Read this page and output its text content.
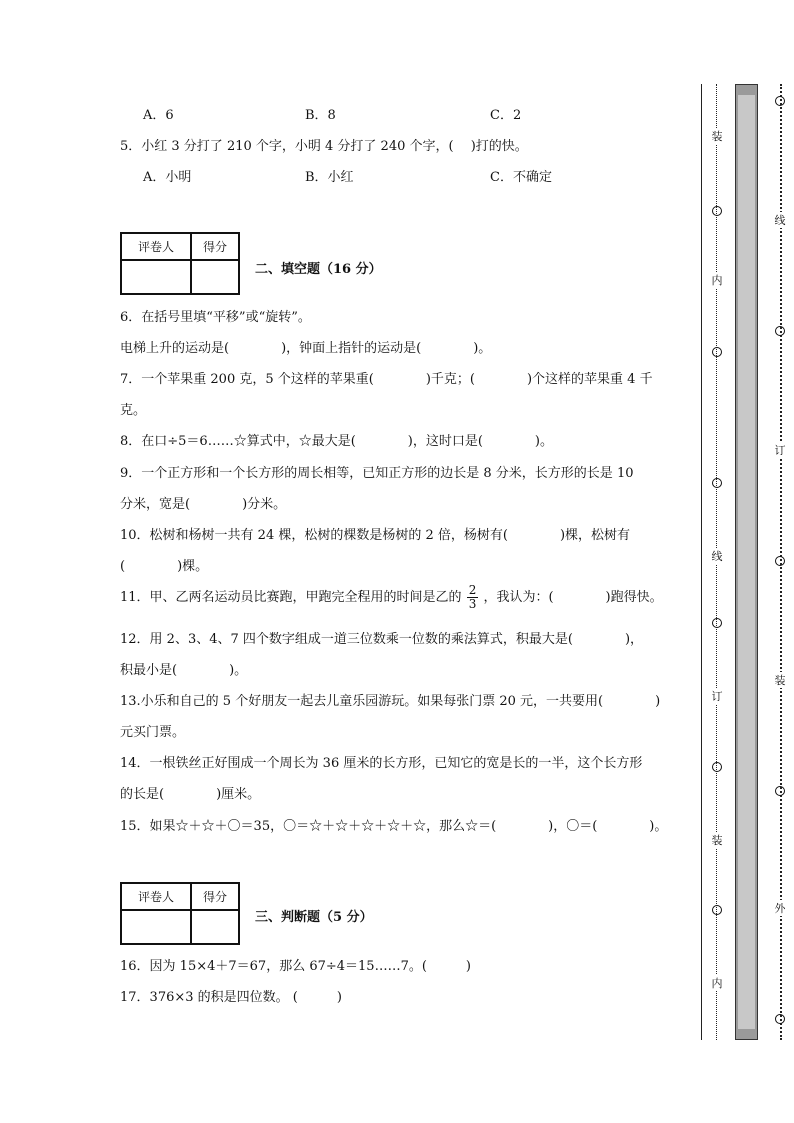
A．6	B．8	C．2
5．小红 3 分打了 210 个字，小明 4 分打了 240 个字，(　 )打的快。
A．小明	B．小红	C．不确定
评卷人	得分

二、填空题（16 分）
6．在括号里填“平移”或“旋转”。
电梯上升的运动是(　　　　)，钟面上指针的运动是(　　　　)。
7．一个苹果重 200 克，5 个这样的苹果重(　　　　)千克；(　　　　)个这样的苹果重 4 千
克。
8．在口÷5＝6……☆算式中，☆最大是(　　　　)，这时口是(　　　　)。
9．一个正方形和一个长方形的周长相等，已知正方形的边长是 8 分米，长方形的长是 10
分米，宽是(　　　　)分米。
10．松树和杨树一共有 24 棵，松树的棵数是杨树的 2 倍，杨树有(　　　　)棵，松树有
(　　　　)棵。
11．甲、乙两名运动员比赛跑，甲跑完全程用的时间是乙的 $\frac{2}{3}$ ，我认为：(　　　　)跑得快。
12．用 2、3、4、7 四个数字组成一道三位数乘一位数的乘法算式，积最大是(　　　　)，
积最小是(　　　　)。
13.小乐和自己的 5 个好朋友一起去儿童乐园游玩。如果每张门票 20 元，一共要用(　　　　)
元买门票。
14．一根铁丝正好围成一个周长为 36 厘米的长方形，已知它的宽是长的一半，这个长方形
的长是(　　　　)厘米。
15．如果☆＋☆＋〇＝35，〇＝☆＋☆＋☆＋☆＋☆，那么☆＝(　　　　)，〇＝(　　　　)。
评卷人	得分

三、判断题（5 分）
16．因为 15×4＋7＝67，那么 67÷4＝15……7。(　　　)
17．376×3 的积是四位数。 (　　　)
装
内
线
订
装
内
线
订
装
外
